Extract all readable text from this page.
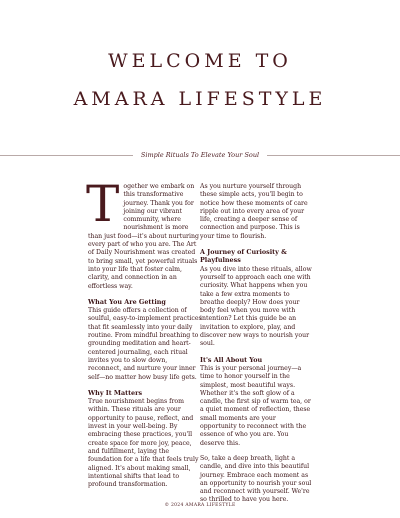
WELCOME TO
AMARA LIFESTYLE
Simple Rituals To Elevate Your Soul

Together we embark on this transformative journey. Thank you for joining our vibrant community, where nourishment is more than just food—it's about nurturing every part of who you are. The Art of Daily Nourishment was created to bring small, yet powerful rituals into your life that foster calm, clarity, and connection in an effortless way.

What You Are Getting

This guide offers a collection of soulful, easy-to-implement practices that fit seamlessly into your daily routine. From mindful breathing to grounding meditation and heart-centered journaling, each ritual invites you to slow down, reconnect, and nurture your inner self—no matter how busy life gets.

Why It Matters

True nourishment begins from within. These rituals are your opportunity to pause, reflect, and invest in your well-being. By embracing these practices, you'll create space for more joy, peace, and fulfillment, laying the foundation for a life that feels truly aligned. It's about making small, intentional shifts that lead to profound transformation.

As you nurture yourself through these simple acts, you'll begin to notice how these moments of care ripple out into every area of your life, creating a deeper sense of connection and purpose. This is your time to flourish.

A Journey of Curiosity & Playfulness

As you dive into these rituals, allow yourself to approach each one with curiosity. What happens when you take a few extra moments to breathe deeply? How does your body feel when you move with intention? Let this guide be an invitation to explore, play, and discover new ways to nourish your soul.

It's All About You

This is your personal journey—a time to honor yourself in the simplest, most beautiful ways. Whether it's the soft glow of a candle, the first sip of warm tea, or a quiet moment of reflection, these small moments are your opportunity to reconnect with the essence of who you are. You deserve this.

So, take a deep breath, light a candle, and dive into this beautiful journey. Embrace each moment as an opportunity to nourish your soul and reconnect with yourself. We're so thrilled to have you here.

© 2024 AMARA LIFESTYLE
